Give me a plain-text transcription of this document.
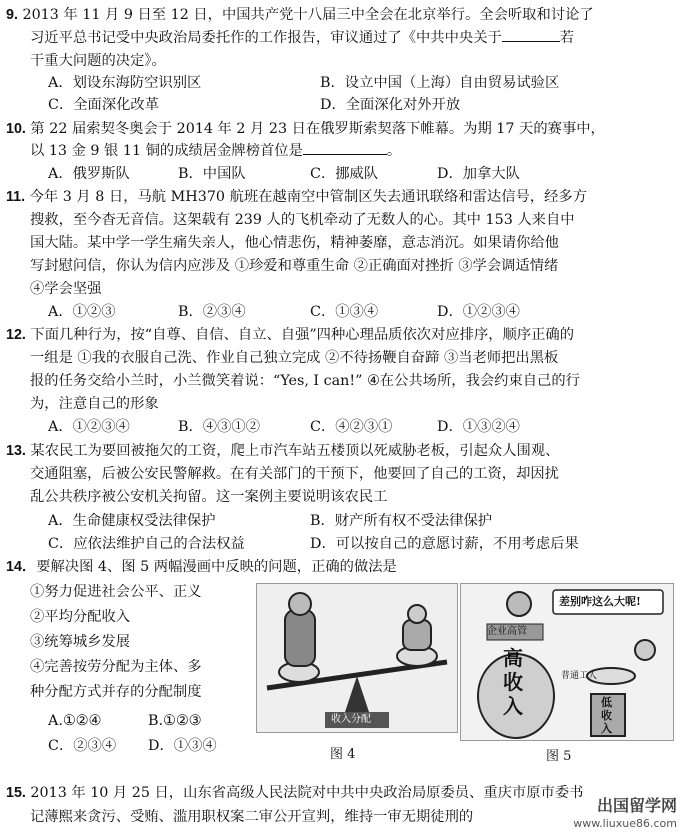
9. 2013 年 11 月 9 日至 12 日，中国共产党十八届三中全会在北京举行。全会听取和讨论了
习近平总书记受中央政治局委托作的工作报告，审议通过了《中共中央关于	若
干重大问题的决定》。
A．划设东海防空识别区	B．设立中国（上海）自由贸易试验区
C．全面深化改革	D．全面深化对外开放
10. 第 22 届索契冬奥会于 2014 年 2 月 23 日在俄罗斯索契落下帷幕。为期 17 天的赛事中，
以 13 金 9 银 11 铜的成绩居金牌榜首位是	。
A．俄罗斯队	B．中国队	C．挪威队	D．加拿大队
11. 今年 3 月 8 日，马航 MH370 航班在越南空中管制区失去通讯联络和雷达信号，经多方
搜救，至今杳无音信。这架载有 239 人的飞机牵动了无数人的心。其中 153 人来自中
国大陆。某中学一学生痛失亲人，他心情悲伤，精神萎靡，意志消沉。如果请你给他
写封慰问信，你认为信内应涉及 ①珍爱和尊重生命 ②正确面对挫折 ③学会调适情绪
④学会坚强
A．①②③	B．②③④	C．①③④	D．①②③④
12. 下面几种行为，按“自尊、自信、自立、自强”四种心理品质依次对应排序，顺序正确的
一组是 ①我的衣服自己洗、作业自己独立完成 ②不待扬鞭自奋蹄 ③当老师把出黑板
报的任务交给小兰时，小兰微笑着说：“Yes, I can!” ④在公共场所，我会约束自己的行
为，注意自己的形象
A．①②③④	B．④③①②	C．④②③①	D．①③②④
13. 某农民工为要回被拖欠的工资，爬上市汽车站五楼顶以死威胁老板，引起众人围观、
交通阻塞，后被公安民警解救。在有关部门的干预下，他要回了自己的工资，却因扰
乱公共秩序被公安机关拘留。这一案例主要说明该农民工
A．生命健康权受法律保护	B．财产所有权不受法律保护
C．应依法维护自己的合法权益	D．可以按自己的意愿讨薪，不用考虑后果
14．要解决图 4、图 5 两幅漫画中反映的问题，正确的做法是
①努力促进社会公平、正义
②平均分配收入
③统筹城乡发展
④完善按劳分配为主体、多
种分配方式并存的分配制度
A.①②④	B.①②③
C．②③④ D．①③④
收入分配
图 4
差别咋这么大呢!
企业高管
高收入
普通工人
低收入
图 5
15. 2013 年 10 月 25 日，山东省高级人民法院对中共中央政治局原委员、重庆市原市委书
记薄熙来贪污、受贿、滥用职权案二审公开宣判，维持一审无期徒刑的
出国留学网
www.liuxue86.com
